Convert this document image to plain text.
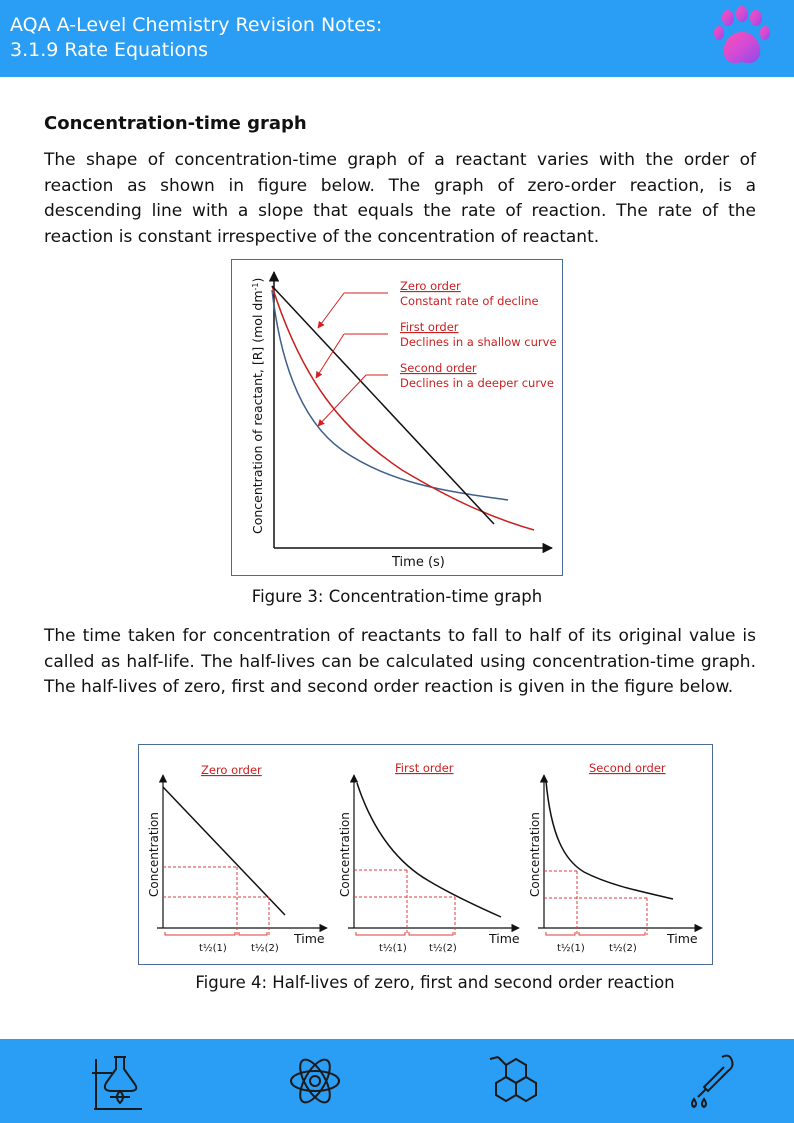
AQA A-Level Chemistry Revision Notes:
3.1.9 Rate Equations
Concentration-time graph
The shape of concentration-time graph of a reactant varies with the order of reaction as shown in figure below. The graph of zero-order reaction, is a descending line with a slope that equals the rate of reaction. The rate of the reaction is constant irrespective of the concentration of reactant.
Concentration of reactant, [R] (mol $dm^{-1}$)
Time (s)
Zero order
Constant rate of decline
First order
Declines in a shallow curve
Second order
Declines in a deeper curve
Figure 3: Concentration-time graph
The time taken for concentration of reactants to fall to half of its original value is called as half-life. The half-lives can be calculated using concentration-time graph. The half-lives of zero, first and second order reaction is given in the figure below.
Zero order
Concentration
Time
t½(1) t½(2)
First order
Concentration
Time
t½(1) t½(2)
Second order
Concentration
Time
t½(1) t½(2)
Figure 4: Half-lives of zero, first and second order reaction
